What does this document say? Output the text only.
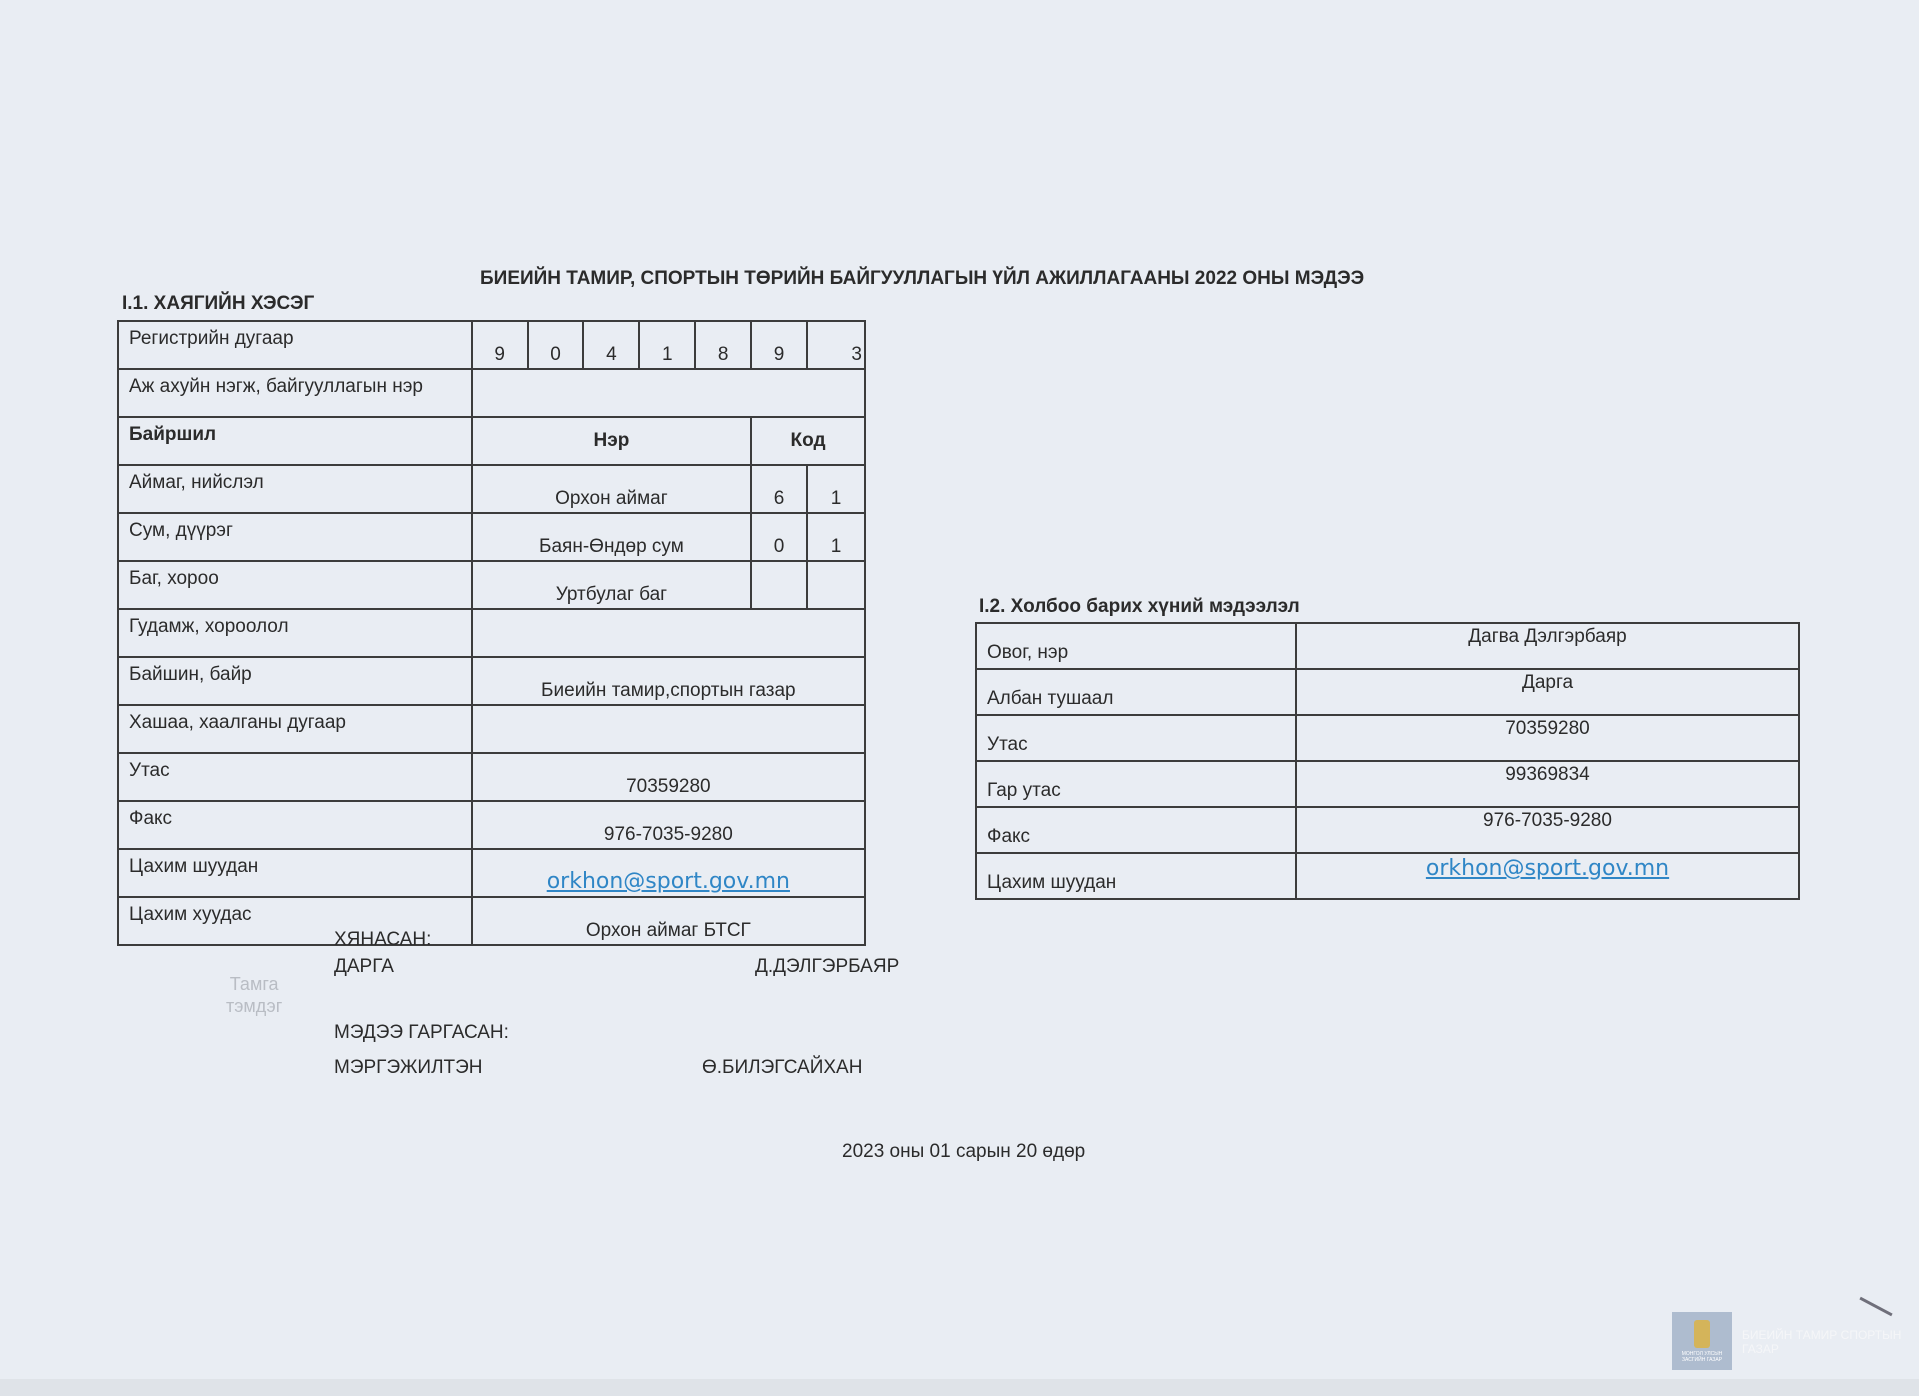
БИЕИЙН ТАМИР, СПОРТЫН ТӨРИЙН БАЙГУУЛЛАГЫН ҮЙЛ АЖИЛЛАГААНЫ 2022 ОНЫ МЭДЭЭ
I.1. ХАЯГИЙН ХЭСЭГ
Регистрийн дугаар	9	0	4	1	8	9	3
Аж ахуйн нэгж, байгууллагын нэр							
Байршил	Нэр					Код	
Аймаг, нийслэл	Орхон аймаг					6	1
Сум, дүүрэг	Баян-Өндөр сум					0	1
Баг, хороо	Уртбулаг баг						
Гудамж, хороолол							
Байшин, байр	Биеийн тамир,спортын газар						
Хашаа, хаалганы дугаар							
Утас	70359280						
Факс	976-7035-9280						
Цахим шуудан	orkhon@sport.gov.mn						
Цахим хуудас	Орхон аймаг БТСГ						
I.2. Холбоо барих хүний мэдээлэл
Овог, нэр	Дагва Дэлгэрбаяр
Албан тушаал	Дарга
Утас	70359280
Гар утас	99369834
Факс	976-7035-9280
Цахим шуудан	orkhon@sport.gov.mn
ХЯНАСАН:
ДАРГА	Д.ДЭЛГЭРБАЯР
Тамга
тэмдэг
МЭДЭЭ ГАРГАСАН:
МЭРГЭЖИЛТЭН	Ө.БИЛЭГСАЙХАН
2023 оны 01 сарын 20 өдөр
МОНГОЛ УЛСЫН ЗАСГИЙН ГАЗАР
БИЕИЙН ТАМИР СПОРТЫН ГАЗАР
